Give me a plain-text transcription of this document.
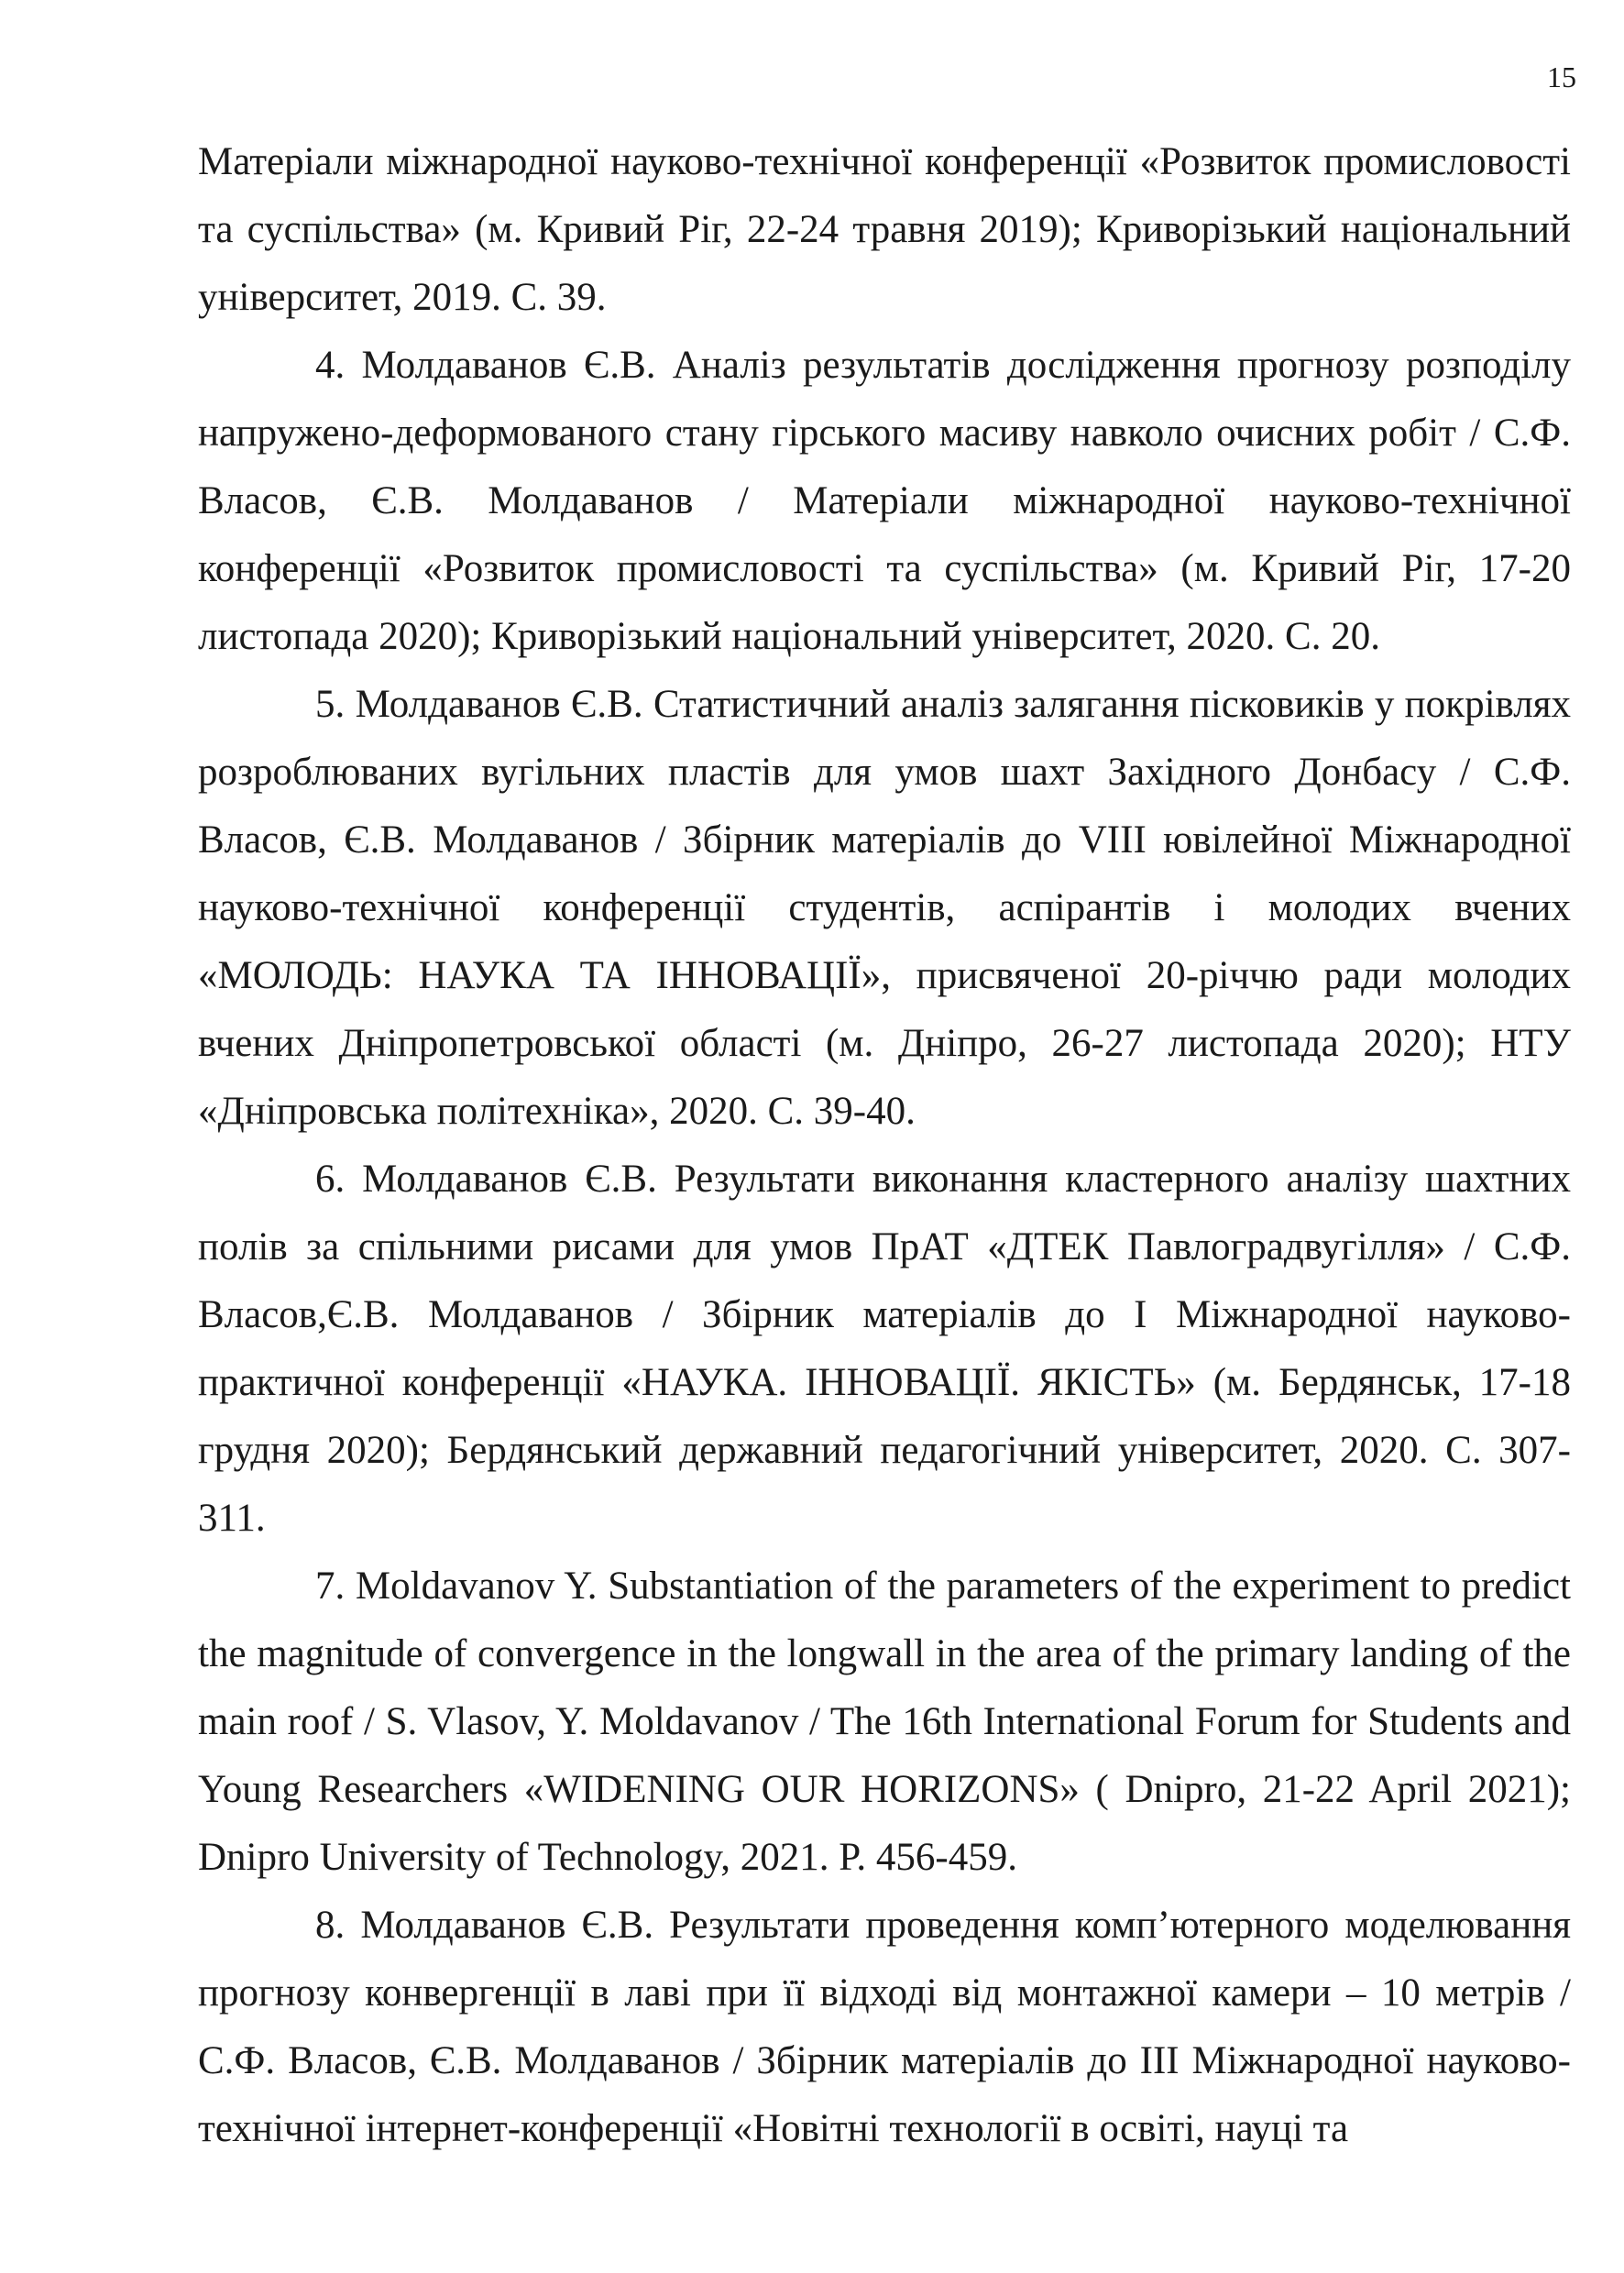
15

Матеріали міжнародної науково-технічної конференції «Розвиток промисловості та суспільства» (м. Кривий Ріг, 22-24 травня 2019); Криворізький національний університет, 2019. С. 39.

4. Молдаванов Є.В. Аналіз результатів дослідження прогнозу розподілу напружено-деформованого стану гірського масиву навколо очисних робіт / С.Ф. Власов, Є.В. Молдаванов / Матеріали міжнародної науково-технічної конференції «Розвиток промисловості та суспільства» (м. Кривий Ріг, 17-20 листопада 2020); Криворізький національний університет, 2020. С. 20.

5. Молдаванов Є.В. Статистичний аналіз залягання пісковиків у покрівлях розроблюваних вугільних пластів для умов шахт Західного Донбасу / С.Ф. Власов, Є.В. Молдаванов / Збірник матеріалів до VIII ювілейної Міжнародної науково-технічної конференції студентів, аспірантів і молодих вчених «МОЛОДЬ: НАУКА ТА ІННОВАЦІЇ», присвяченої 20-річчю ради молодих вчених Дніпропетровської області (м. Дніпро, 26-27 листопада 2020); НТУ «Дніпровська політехніка», 2020. С. 39-40.

6. Молдаванов Є.В. Результати виконання кластерного аналізу шахтних полів за спільними рисами для умов ПрАТ «ДТЕК Павлоградвугілля» / С.Ф. Власов,Є.В. Молдаванов / Збірник матеріалів до I Міжнародної науково-практичної конференції «НАУКА. ІННОВАЦІЇ. ЯКІСТЬ» (м. Бердянськ, 17-18 грудня 2020); Бердянський державний педагогічний університет, 2020. С. 307-311.

7. Moldavanov Y. Substantiation of the parameters of the experiment to predict the magnitude of convergence in the longwall in the area of the primary landing of the main roof / S. Vlasov, Y. Moldavanov / The 16th International Forum for Students and Young Researchers «WIDENING OUR HORIZONS» ( Dnipro, 21-22 April 2021); Dnipro University of Technology, 2021. P. 456-459.

8. Молдаванов Є.В. Результати проведення комп’ютерного моделювання прогнозу конвергенції в лаві при її відході від монтажної камери – 10 метрів / С.Ф. Власов, Є.В. Молдаванов / Збірник матеріалів до III Міжнародної науково-технічної інтернет-конференції «Новітні технології в освіті, науці та
